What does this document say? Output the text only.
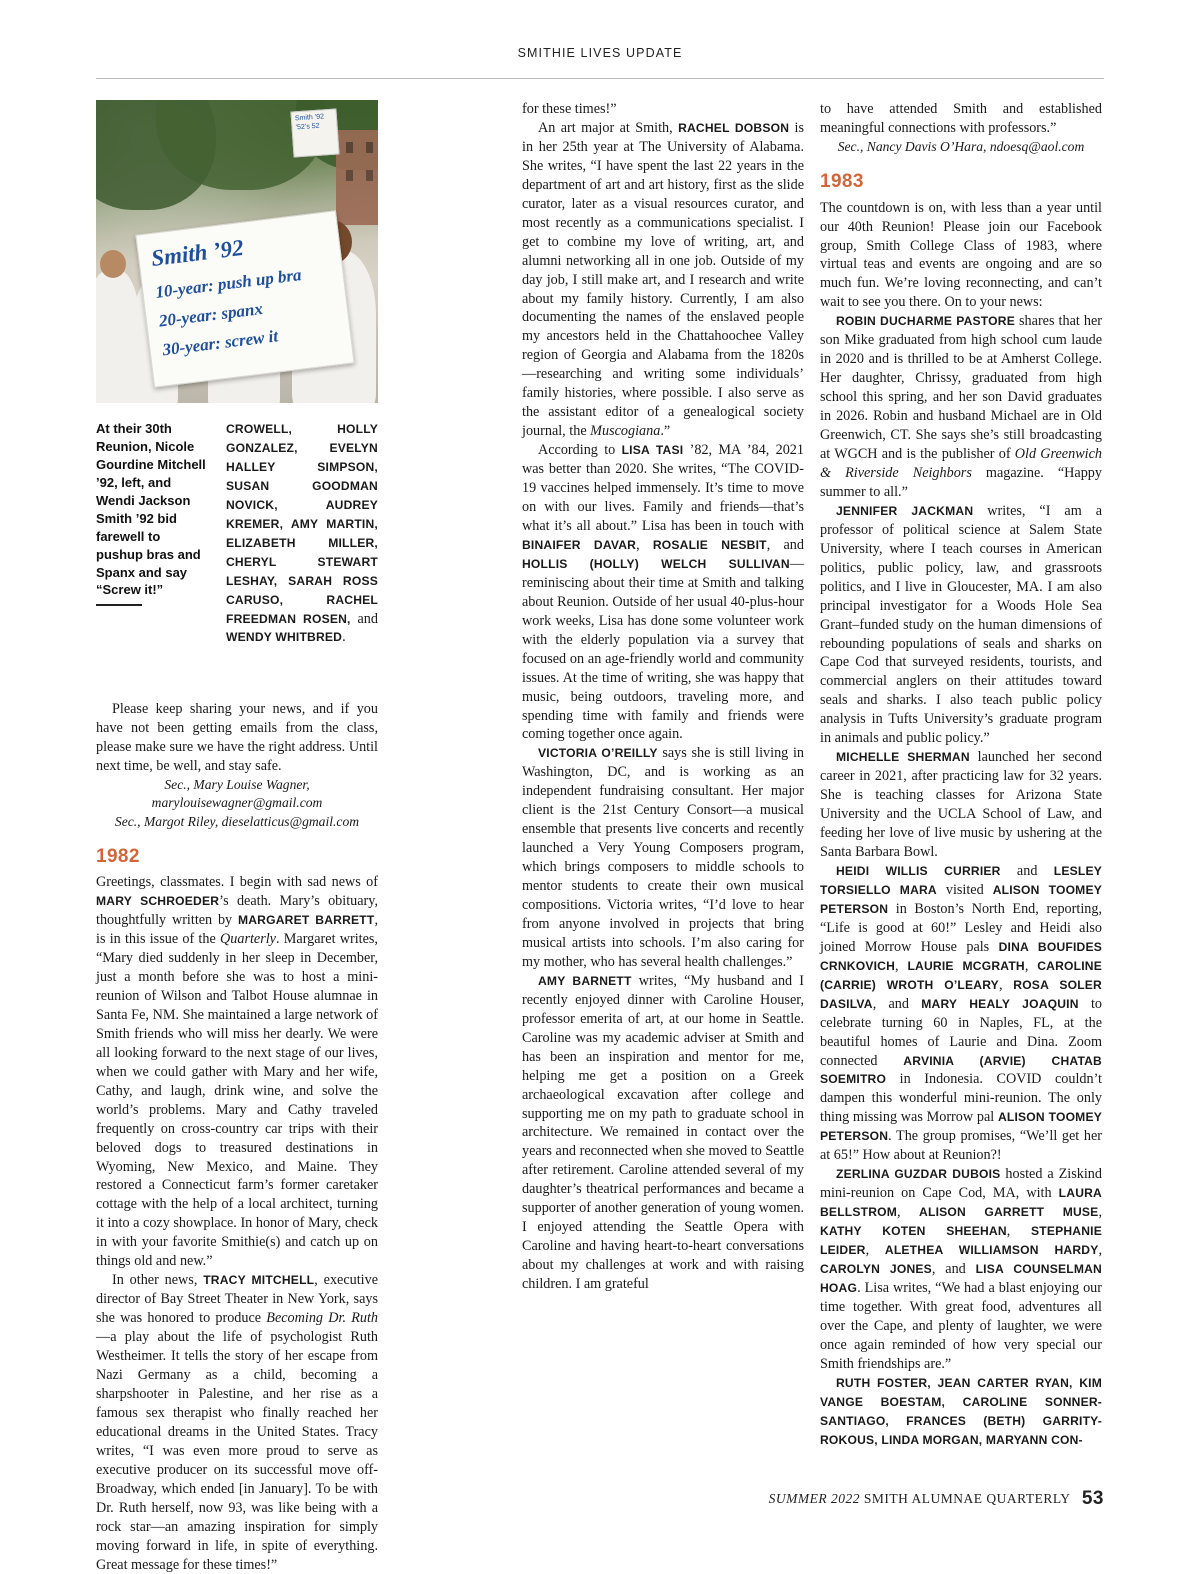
SMITHIE LIVES UPDATE
Smith ’92 ’52’s 52
Smith ’92
10-year: push up bra
20-year: spanx
30-year: screw it
At their 30th Reunion, Nicole Gourdine Mitchell ’92, left, and Wendi Jackson Smith ’92 bid farewell to pushup bras and Spanx and say “Screw it!”

CROWELL, HOLLY GONZALEZ, EVELYN HALLEY SIMPSON, SUSAN GOODMAN NOVICK, AUDREY KREMER, AMY MARTIN, ELIZABETH MILLER, CHERYL STEWART LESHAY, SARAH ROSS CARUSO, RACHEL FREEDMAN ROSEN, and WENDY WHITBRED.

Please keep sharing your news, and if you have not been getting emails from the class, please make sure we have the right address. Until next time, be well, and stay safe.

Sec., Mary Louise Wagner, marylouisewagner@gmail.com
Sec., Margot Riley, dieselatticus@gmail.com
1982

Greetings, classmates. I begin with sad news of MARY SCHROEDER’s death. Mary’s obituary, thoughtfully written by MARGARET BARRETT, is in this issue of the Quarterly. Margaret writes, “Mary died suddenly in her sleep in December, just a month before she was to host a mini-reunion of Wilson and Talbot House alumnae in Santa Fe, NM. She maintained a large network of Smith friends who will miss her dearly. We were all looking forward to the next stage of our lives, when we could gather with Mary and her wife, Cathy, and laugh, drink wine, and solve the world’s problems. Mary and Cathy traveled frequently on cross-country car trips with their beloved dogs to treasured destinations in Wyoming, New Mexico, and Maine. They restored a Connecticut farm’s former caretaker cottage with the help of a local architect, turning it into a cozy showplace. In honor of Mary, check in with your favorite Smithie(s) and catch up on things old and new.”

In other news, TRACY MITCHELL, executive director of Bay Street Theater in New York, says she was honored to produce Becoming Dr. Ruth—a play about the life of psychologist Ruth Westheimer. It tells the story of her escape from Nazi Germany as a child, becoming a sharpshooter in Palestine, and her rise as a famous sex therapist who finally reached her educational dreams in the United States. Tracy writes, “I was even more proud to serve as executive producer on its successful move off-Broadway, which ended [in January]. To be with Dr. Ruth herself, now 93, was like being with a rock star—an amazing inspiration for simply moving forward in life, in spite of everything. Great message for these times!”

for these times!”

An art major at Smith, RACHEL DOBSON is in her 25th year at The University of Alabama. She writes, “I have spent the last 22 years in the department of art and art history, first as the slide curator, later as a visual resources curator, and most recently as a communications specialist. I get to combine my love of writing, art, and alumni networking all in one job. Outside of my day job, I still make art, and I research and write about my family history. Currently, I am also documenting the names of the enslaved people my ancestors held in the Chattahoochee Valley region of Georgia and Alabama from the 1820s—researching and writing some individuals’ family histories, where possible. I also serve as the assistant editor of a genealogical society journal, the Muscogiana.”

According to LISA TASI ’82, MA ’84, 2021 was better than 2020. She writes, “The COVID-19 vaccines helped immensely. It’s time to move on with our lives. Family and friends—that’s what it’s all about.” Lisa has been in touch with BINAIFER DAVAR, ROSALIE NESBIT, and HOLLIS (HOLLY) WELCH SULLIVAN—reminiscing about their time at Smith and talking about Reunion. Outside of her usual 40-plus-hour work weeks, Lisa has done some volunteer work with the elderly population via a survey that focused on an age-friendly world and community issues. At the time of writing, she was happy that music, being outdoors, traveling more, and spending time with family and friends were coming together once again.

VICTORIA O’REILLY says she is still living in Washington, DC, and is working as an independent fundraising consultant. Her major client is the 21st Century Consort—a musical ensemble that presents live concerts and recently launched a Very Young Composers program, which brings composers to middle schools to mentor students to create their own musical compositions. Victoria writes, “I’d love to hear from anyone involved in projects that bring musical artists into schools. I’m also caring for my mother, who has several health challenges.”

AMY BARNETT writes, “My husband and I recently enjoyed dinner with Caroline Houser, professor emerita of art, at our home in Seattle. Caroline was my academic adviser at Smith and has been an inspiration and mentor for me, helping me get a position on a Greek archaeological excavation after college and supporting me on my path to graduate school in architecture. We remained in contact over the years and reconnected when she moved to Seattle after retirement. Caroline attended several of my daughter’s theatrical performances and became a supporter of another generation of young women. I enjoyed attending the Seattle Opera with Caroline and having heart-to-heart conversations about my challenges at work and with raising children. I am grateful

to have attended Smith and established meaningful connections with professors.”

Sec., Nancy Davis O’Hara, ndoesq@aol.com
1983

The countdown is on, with less than a year until our 40th Reunion! Please join our Facebook group, Smith College Class of 1983, where virtual teas and events are ongoing and are so much fun. We’re loving reconnecting, and can’t wait to see you there. On to your news:

ROBIN DUCHARME PASTORE shares that her son Mike graduated from high school cum laude in 2020 and is thrilled to be at Amherst College. Her daughter, Chrissy, graduated from high school this spring, and her son David graduates in 2026. Robin and husband Michael are in Old Greenwich, CT. She says she’s still broadcasting at WGCH and is the publisher of Old Greenwich & Riverside Neighbors magazine. “Happy summer to all.”

JENNIFER JACKMAN writes, “I am a professor of political science at Salem State University, where I teach courses in American politics, public policy, law, and grassroots politics, and I live in Gloucester, MA. I am also principal investigator for a Woods Hole Sea Grant–funded study on the human dimensions of rebounding populations of seals and sharks on Cape Cod that surveyed residents, tourists, and commercial anglers on their attitudes toward seals and sharks. I also teach public policy analysis in Tufts University’s graduate program in animals and public policy.”

MICHELLE SHERMAN launched her second career in 2021, after practicing law for 32 years. She is teaching classes for Arizona State University and the UCLA School of Law, and feeding her love of live music by ushering at the Santa Barbara Bowl.

HEIDI WILLIS CURRIER and LESLEY TORSIELLO MARA visited ALISON TOOMEY PETERSON in Boston’s North End, reporting, “Life is good at 60!” Lesley and Heidi also joined Morrow House pals DINA BOUFIDES CRNKOVICH, LAURIE MCGRATH, CAROLINE (CARRIE) WROTH O’LEARY, ROSA SOLER DASILVA, and MARY HEALY JOAQUIN to celebrate turning 60 in Naples, FL, at the beautiful homes of Laurie and Dina. Zoom connected ARVINIA (ARVIE) CHATAB SOEMITRO in Indonesia. COVID couldn’t dampen this wonderful mini-reunion. The only thing missing was Morrow pal ALISON TOOMEY PETERSON. The group promises, “We’ll get her at 65!” How about at Reunion?!

ZERLINA GUZDAR DUBOIS hosted a Ziskind mini-reunion on Cape Cod, MA, with LAURA BELLSTROM, ALISON GARRETT MUSE, KATHY KOTEN SHEEHAN, STEPHANIE LEIDER, ALETHEA WILLIAMSON HARDY, CAROLYN JONES, and LISA COUNSELMAN HOAG. Lisa writes, “We had a blast enjoying our time together. With great food, adventures all over the Cape, and plenty of laughter, we were once again reminded of how very special our Smith friendships are.”

RUTH FOSTER, JEAN CARTER RYAN, KIM VANGE BOESTAM, CAROLINE SONNER-SANTIAGO, FRANCES (BETH) GARRITY-ROKOUS, LINDA MORGAN, MARYANN CON-

SUMMER 2022 SMITH ALUMNAE QUARTERLY 53
